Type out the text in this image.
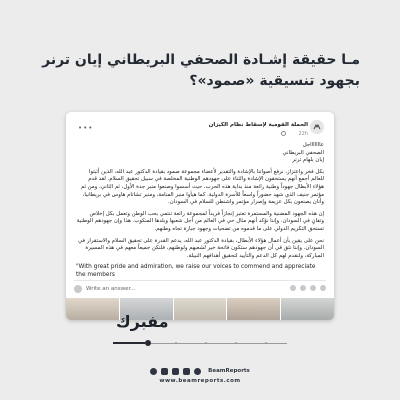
مـا حقيقة إشـادة الصحفي البريطاني إيان ترنر
بجهود تنسيقية «صمود»؟
الحملة القومية لإسقاط نظام الكيزان
22h
•••

عاااااااجل

الصحفي البريطاني

إيان بلهام ترنر

بكل فخر واعتزاز، نرفع أصواتنا بالإشادة والتقدير لأعضاء مجموعة صمود بقيادة الدكتور عبد الله، الذين أثبتوا للعالم أجمع أنهم يستحقون الإشادة والثناء على جهودهم الوطنية المخلصة في سبيل تحقيق السلام. لقد قدم هؤلاء الأبطال جهوداً وطنية رائعة منذ بداية هذه الحرب، حيث أسسوا وصنعوا منبر جدة الأول، ثم الثاني، ومن ثم مؤتمر جنيف الذي شهد حضوراً واسعاً للأسرة الدولية. كما هيأوا منبر المنامة، ومنبر تشاتام هاوس في بريطانيا، وأنان يصنعون بكل عزيمة وإصرار مؤتمر واشنطن للسلام في السودان.

إن هذه الجهود المضنية والمستمرة تعتبر إنجازاً فريداً لمجموعة رائعة تنتمي بحب الوطن وتعمل بكل إخلاص وتفانٍ في السودان. وإننا نؤكد أنهم مثال حي في العالم من أجل شعبها وبلدها المنكوب. هذا وإن جهودهم الوطنية تستحق التكريم الدولي على ما قدموه من تضحيات وجهود جبارة تجاه وطنهم.

نحن على يقين بأن أعمال هؤلاء الأبطال، بقيادة الدكتور عبد الله، يدعم القدرة على تحقيق السلام والاستقرار في السودان. وإننا نثق في أن جهودهم ستكون فاتحة خير لشعبهم ولوطنهم، فلنكن جميعاً معهم في هذه المسيرة المباركة، ولنقدم لهم كل الدعم والتأييد لتحقيق أهدافهم النبيلة.

"With great pride and admiration, we raise our voices to commend and appreciate the members

Write an answer...
مفبرك
BeamReports
www.beamreports.com
